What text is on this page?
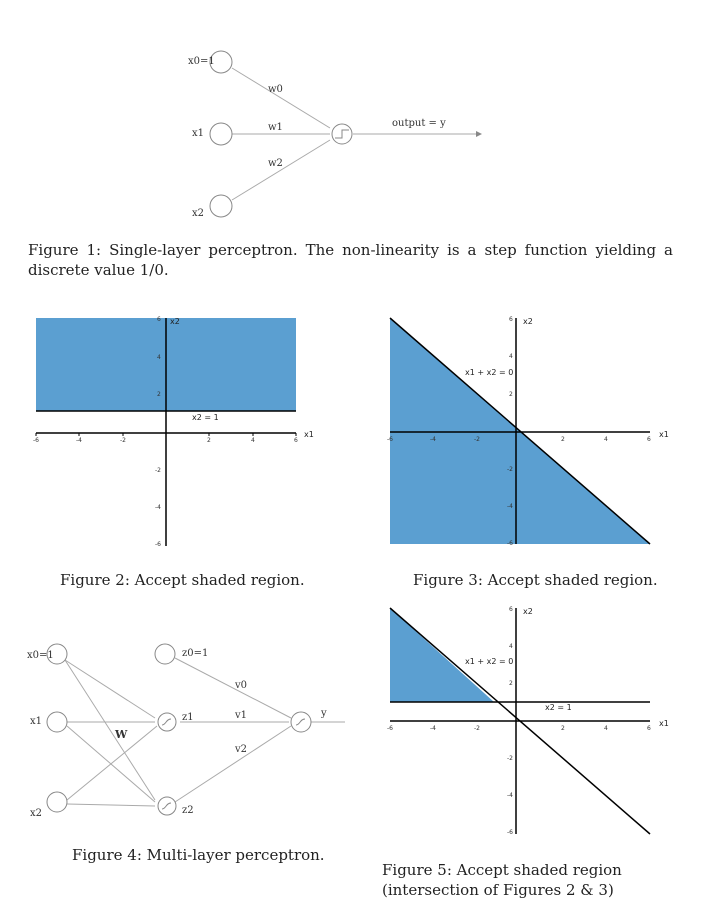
x0=1
x1
x2
w0
w1
w2
output = y
Figure 1: Single-layer perceptron. The non-linearity is a step function yielding a discrete value 1/0.
-6	-4	-2	2	4	6
6
4
2
-2
-4
-6
x2 = 1
x1
x2
Figure 2: Accept shaded region.
-6	-4	-2	2	4	6
6
4
2
-2
-4
-6
x1 + x2 = 0
x1
x2
Figure 3: Accept shaded region.
x0=1
x1
x2
W
z0=1
z1
z2
v0
v1
v2
y
Figure 4: Multi-layer perceptron.
-6	-4	-2	2	4	6
6
4
2
-2
-4
-6
x1 + x2 = 0
x2 = 1
x1
x2
Figure 5: Accept shaded region (intersection of Figures 2 & 3)
